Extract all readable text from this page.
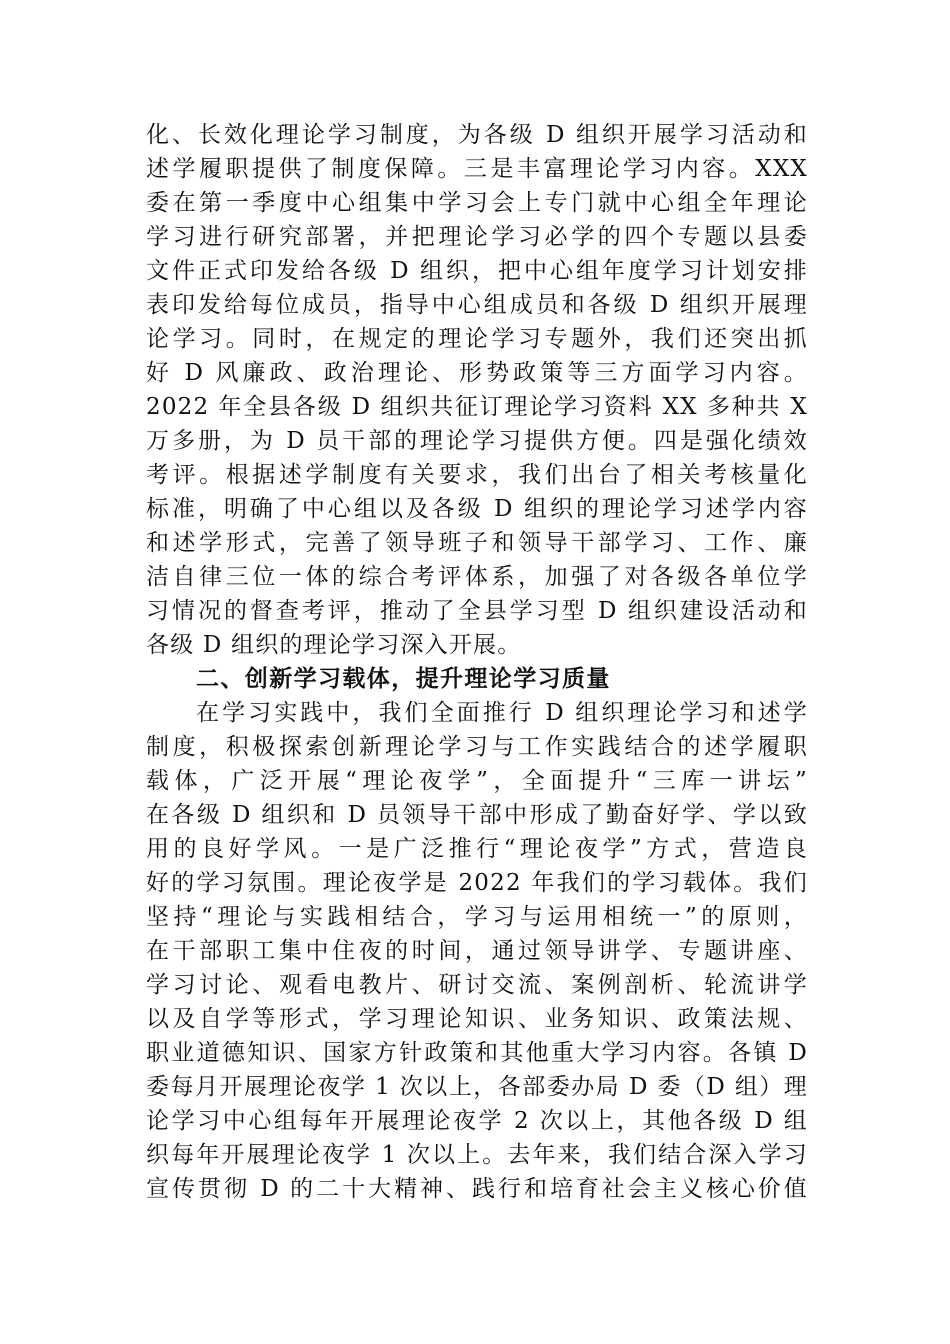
化、长效化理论学习制度，为各级 D 组织开展学习活动和
述学履职提供了制度保障。三是丰富理论学习内容。XXX
委在第一季度中心组集中学习会上专门就中心组全年理论
学习进行研究部署，并把理论学习必学的四个专题以县委
文件正式印发给各级 D 组织，把中心组年度学习计划安排
表印发给每位成员，指导中心组成员和各级 D 组织开展理
论学习。同时，在规定的理论学习专题外，我们还突出抓
好 D 风廉政、政治理论、形势政策等三方面学习内容。
2022 年全县各级 D 组织共征订理论学习资料 XX 多种共 X
万多册，为 D 员干部的理论学习提供方便。四是强化绩效
考评。根据述学制度有关要求，我们出台了相关考核量化
标准，明确了中心组以及各级 D 组织的理论学习述学内容
和述学形式，完善了领导班子和领导干部学习、工作、廉
洁自律三位一体的综合考评体系，加强了对各级各单位学
习情况的督查考评，推动了全县学习型 D 组织建设活动和
各级 D 组织的理论学习深入开展。
二、创新学习载体，提升理论学习质量
在学习实践中，我们全面推行 D 组织理论学习和述学
制度，积极探索创新理论学习与工作实践结合的述学履职
载体，广泛开展“理论夜学”，全面提升“三库一讲坛”
在各级 D 组织和 D 员领导干部中形成了勤奋好学、学以致
用的良好学风。一是广泛推行“理论夜学”方式，营造良
好的学习氛围。理论夜学是 2022 年我们的学习载体。我们
坚持“理论与实践相结合，学习与运用相统一”的原则，
在干部职工集中住夜的时间，通过领导讲学、专题讲座、
学习讨论、观看电教片、研讨交流、案例剖析、轮流讲学
以及自学等形式，学习理论知识、业务知识、政策法规、
职业道德知识、国家方针政策和其他重大学习内容。各镇 D
委每月开展理论夜学 1 次以上，各部委办局 D 委（D 组）理
论学习中心组每年开展理论夜学 2 次以上，其他各级 D 组
织每年开展理论夜学 1 次以上。去年来，我们结合深入学习
宣传贯彻 D 的二十大精神、践行和培育社会主义核心价值
